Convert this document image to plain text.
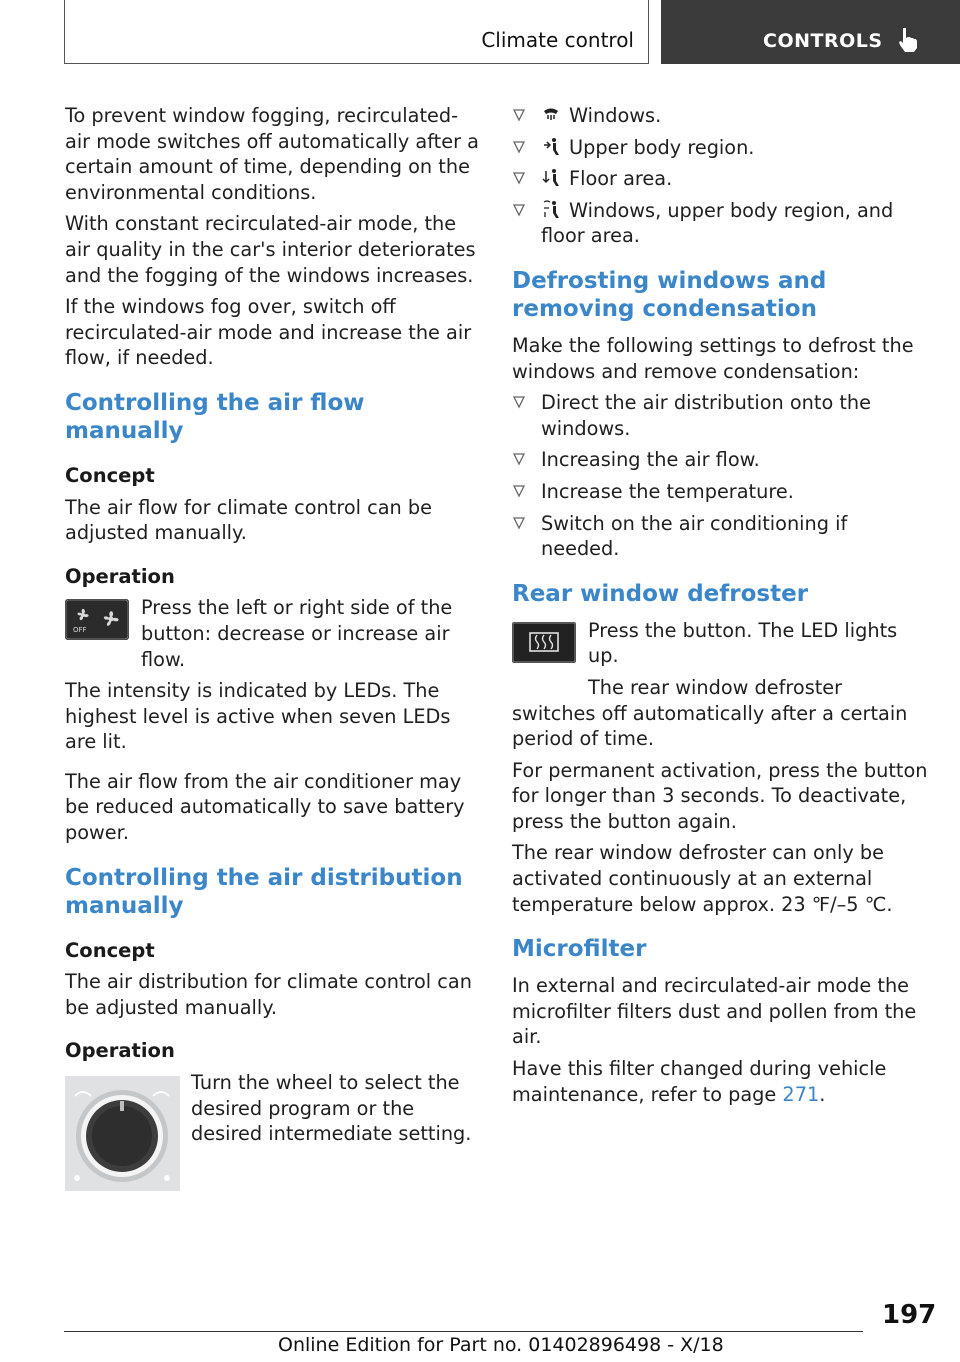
Climate control	CONTROLS

To prevent window fogging, recirculated-air mode switches off automatically after a certain amount of time, depending on the environmental conditions.

With constant recirculated-air mode, the air quality in the car's interior deteriorates and the fogging of the windows increases.

If the windows fog over, switch off recirculated-air mode and increase the air flow, if needed.

Controlling the air flow manually
Concept

The air flow for climate control can be adjusted manually.

Operation
OFF

Press the left or right side of the button: decrease or increase air flow.

The intensity is indicated by LEDs. The highest level is active when seven LEDs are lit.

The air flow from the air conditioner may be reduced automatically to save battery power.

Controlling the air distribution manually
Concept

The air distribution for climate control can be adjusted manually.

Operation

Turn the wheel to select the desired program or the desired intermediate setting.

Windows.
Upper body region.
Floor area.
Windows, upper body region, and floor area.
Defrosting windows and removing condensation

Make the following settings to defrost the windows and remove condensation:

Direct the air distribution onto the windows.
Increasing the air flow.
Increase the temperature.
Switch on the air conditioning if needed.
Rear window defroster

Press the button. The LED lights up.

The rear window defroster switches off automatically after a certain period of time.

For permanent activation, press the button for longer than 3 seconds. To deactivate, press the button again.

The rear window defroster can only be activated continuously at an external temperature below approx. 23 ℉/–5 ℃.

Microfilter

In external and recirculated-air mode the microfilter filters dust and pollen from the air.

Have this filter changed during vehicle maintenance, refer to page 271.

197
Online Edition for Part no. 01402896498 - X/18
